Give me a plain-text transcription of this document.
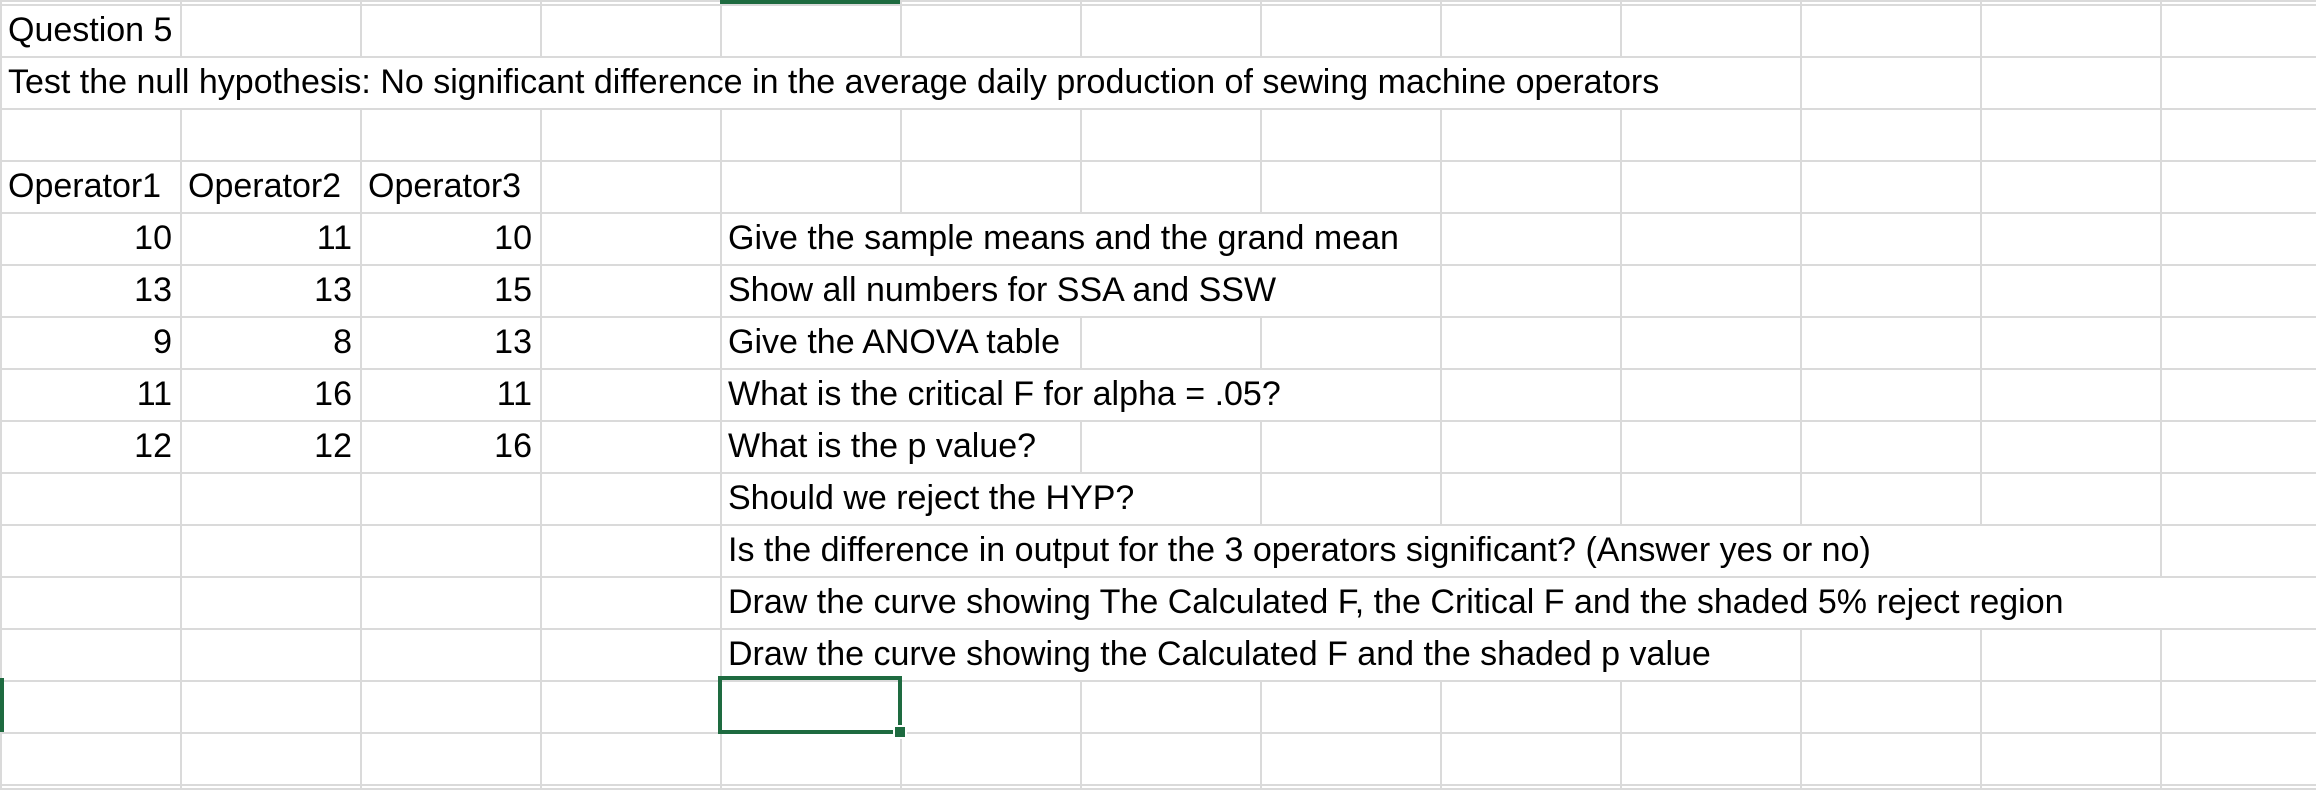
Question 5
Test the null hypothesis: No significant difference in the average daily production of sewing machine operators
Operator1 Operator2 Operator3
10	11	10
13	13	15
9	8	13
11	16	11
12	12	16
Give the sample means and the grand mean
Show all numbers for SSA and SSW
Give the ANOVA table
What is the critical F for alpha = .05?
What is the p value?
Should we reject the HYP?
Is the difference in output for the 3 operators significant? (Answer yes or no)
Draw the curve showing The Calculated F, the Critical F and the shaded 5% reject region
Draw the curve showing the Calculated F and the shaded p value
